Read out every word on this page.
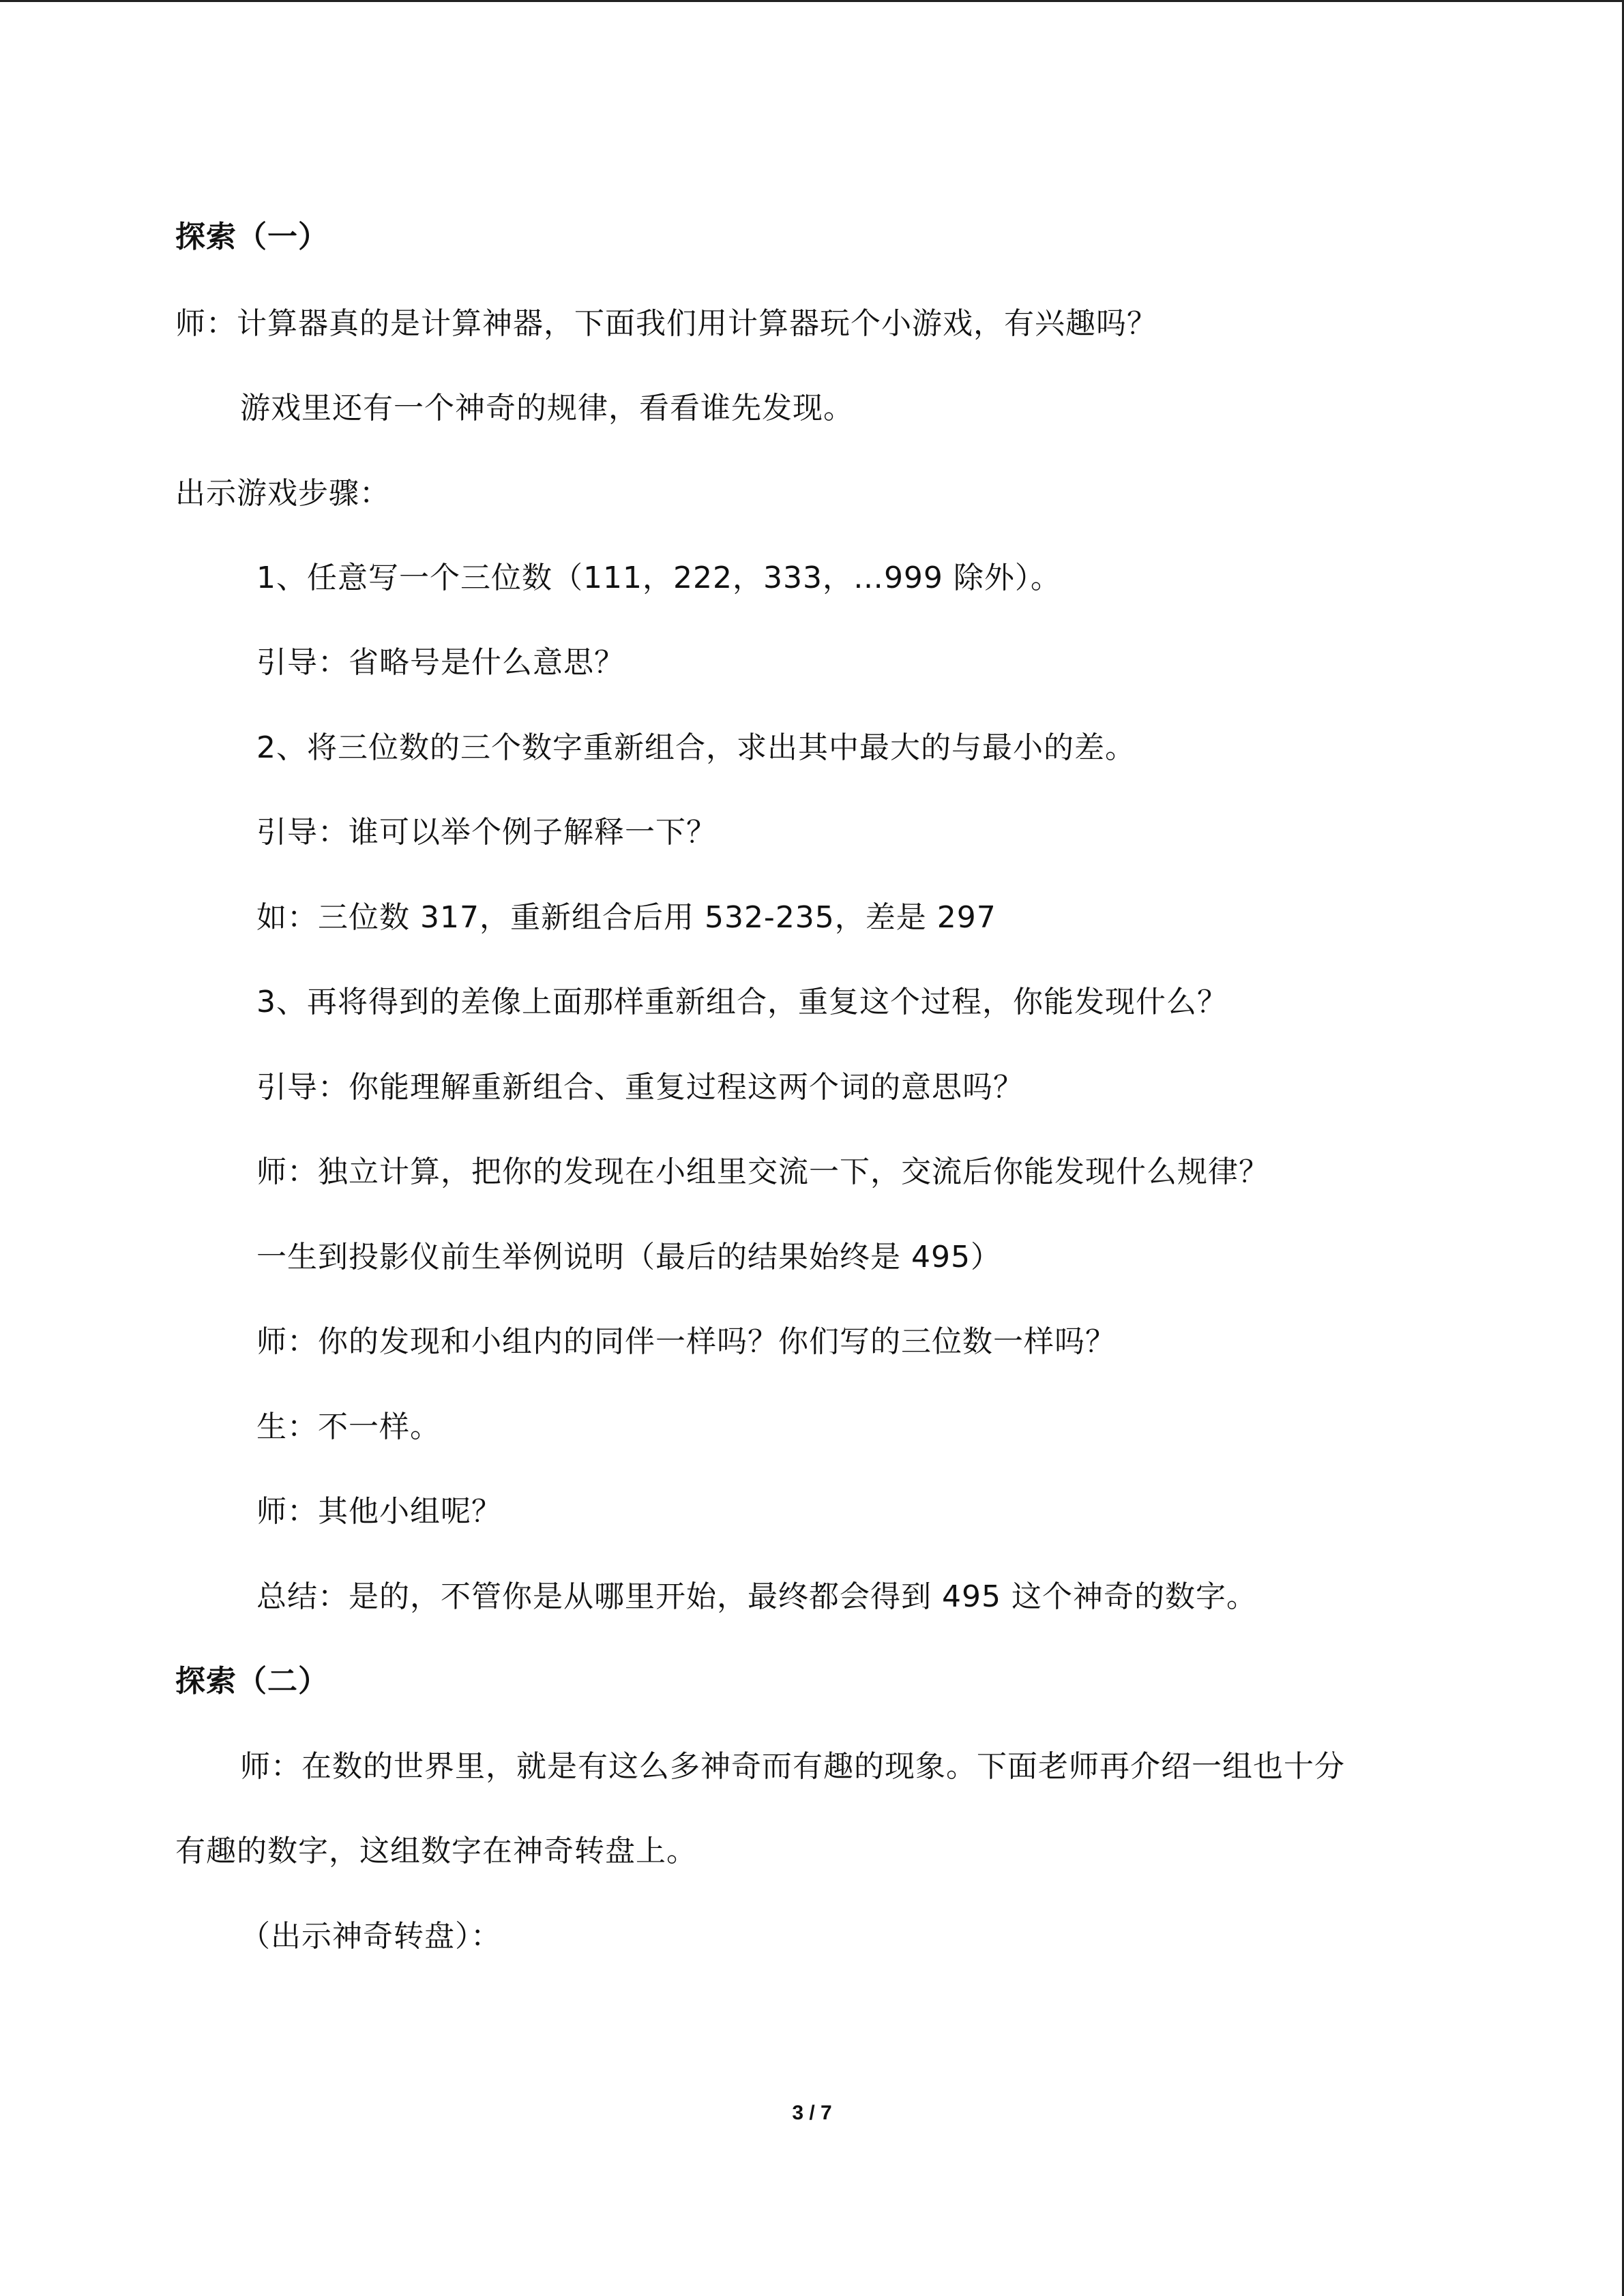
探索（一）
师：计算器真的是计算神器，下面我们用计算器玩个小游戏，有兴趣吗？
游戏里还有一个神奇的规律，看看谁先发现。
出示游戏步骤：
1、任意写一个三位数（111，222，333，…999 除外）。
引导：省略号是什么意思？
2、将三位数的三个数字重新组合，求出其中最大的与最小的差。
引导：谁可以举个例子解释一下？
如：三位数 317，重新组合后用 532-235，差是 297
3、再将得到的差像上面那样重新组合，重复这个过程，你能发现什么？
引导：你能理解重新组合、重复过程这两个词的意思吗？
师：独立计算，把你的发现在小组里交流一下，交流后你能发现什么规律？
一生到投影仪前生举例说明（最后的结果始终是 495）
师：你的发现和小组内的同伴一样吗？你们写的三位数一样吗？
生：不一样。
师：其他小组呢？
总结：是的，不管你是从哪里开始，最终都会得到 495 这个神奇的数字。
探索（二）
师：在数的世界里，就是有这么多神奇而有趣的现象。下面老师再介绍一组也十分
有趣的数字，这组数字在神奇转盘上。
（出示神奇转盘）：
3 / 7
